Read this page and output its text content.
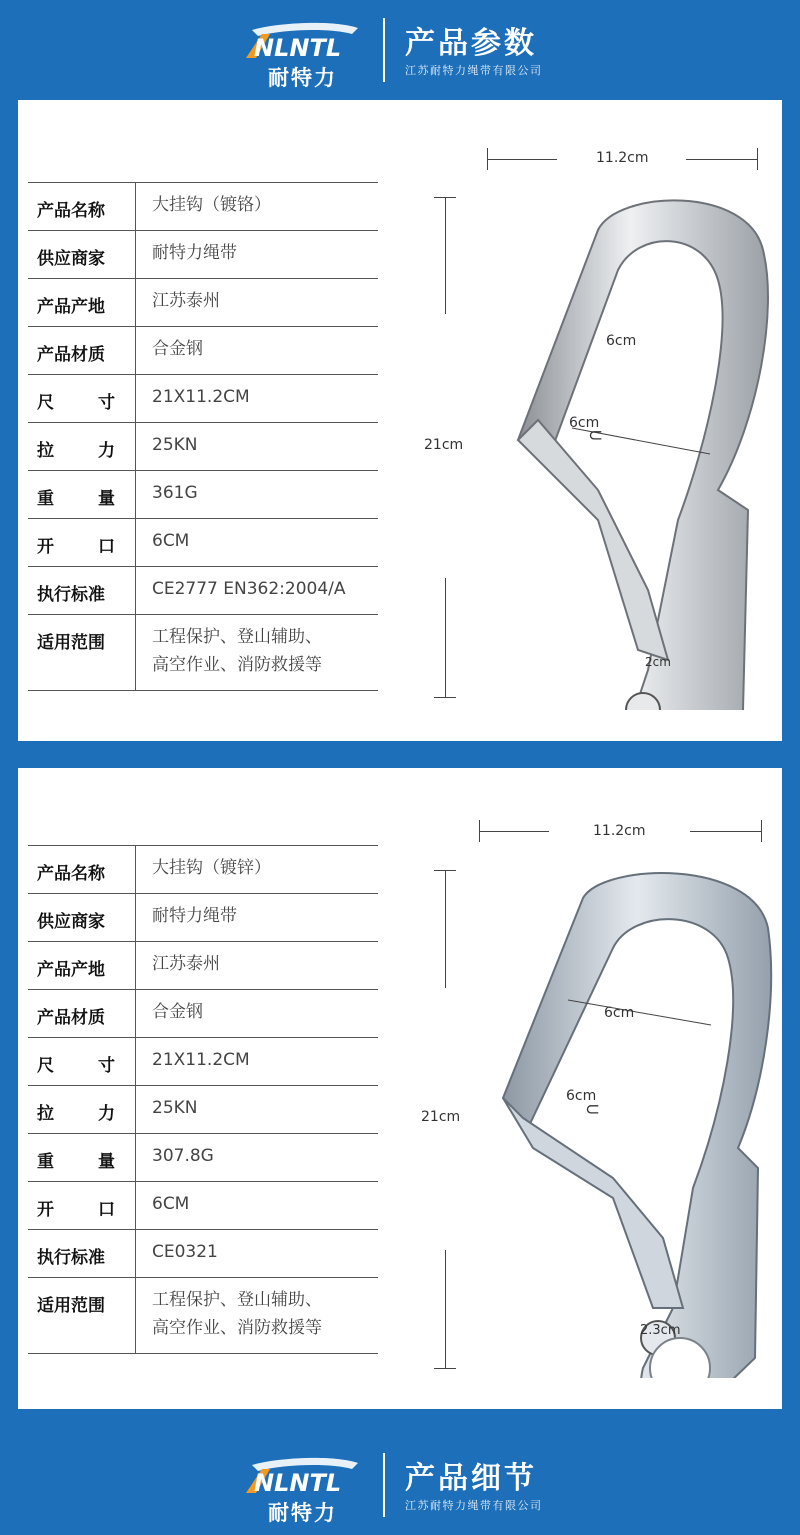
NLNTL
耐特力
产品参数
江苏耐特力绳带有限公司
产品名称	大挂钩（镀铬）
供应商家	耐特力绳带
产品产地	江苏泰州
产品材质	合金钢
尺	寸 21X11.2CM
拉	力 25KN
重	量 361G
开	口 6CM
执行标准	CE2777 EN362:2004/A
适用范围	工程保护、登山辅助、
高空作业、消防救援等
11.2cm
21cm
6cm
6cm
⊂
2cm
产品名称	大挂钩（镀锌）
供应商家	耐特力绳带
产品产地	江苏泰州
产品材质	合金钢
尺	寸 21X11.2CM
拉	力 25KN
重	量 307.8G
开	口 6CM
执行标准	CE0321
适用范围	工程保护、登山辅助、
高空作业、消防救援等
11.2cm
21cm
6cm
6cm
⊂
2.3cm
NLNTL
耐特力
产品细节
江苏耐特力绳带有限公司
